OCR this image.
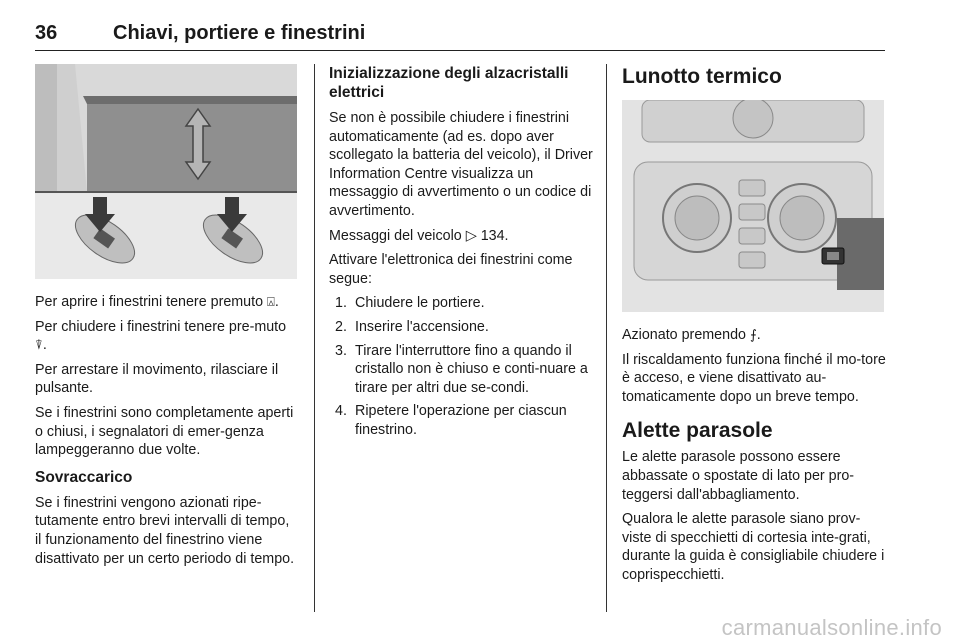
36	Chiavi, portiere e finestrini

Per aprire i finestrini tenere premuto ⍓.

Per chiudere i finestrini tenere pre-muto ⍒.

Per arrestare il movimento, rilasciare il pulsante.

Se i finestrini sono completamente aperti o chiusi, i segnalatori di emer-genza lampeggeranno due volte.

Sovraccarico

Se i finestrini vengono azionati ripe-tutamente entro brevi intervalli di tempo, il funzionamento del finestrino viene disattivato per un certo periodo di tempo.

Inizializzazione degli alzacristalli elettrici

Se non è possibile chiudere i finestrini automaticamente (ad es. dopo aver scollegato la batteria del veicolo), il Driver Information Centre visualizza un messaggio di avvertimento o un codice di avvertimento.

Messaggi del veicolo ▷ 134.

Attivare l'elettronica dei finestrini come segue:

1. Chiudere le portiere.
2. Inserire l'accensione.
3. Tirare l'interruttore fino a quando il cristallo non è chiuso e conti-nuare a tirare per altri due se-condi.
4. Ripetere l'operazione per ciascun finestrino.
Lunotto termico

Azionato premendo ⨍.

Il riscaldamento funziona finché il mo-tore è acceso, e viene disattivato au-tomaticamente dopo un breve tempo.

Alette parasole

Le alette parasole possono essere abbassate o spostate di lato per pro-teggersi dall'abbagliamento.

Qualora le alette parasole siano prov-viste di specchietti di cortesia inte-grati, durante la guida è consigliabile chiudere i coprispecchietti.

carmanualsonline.info
